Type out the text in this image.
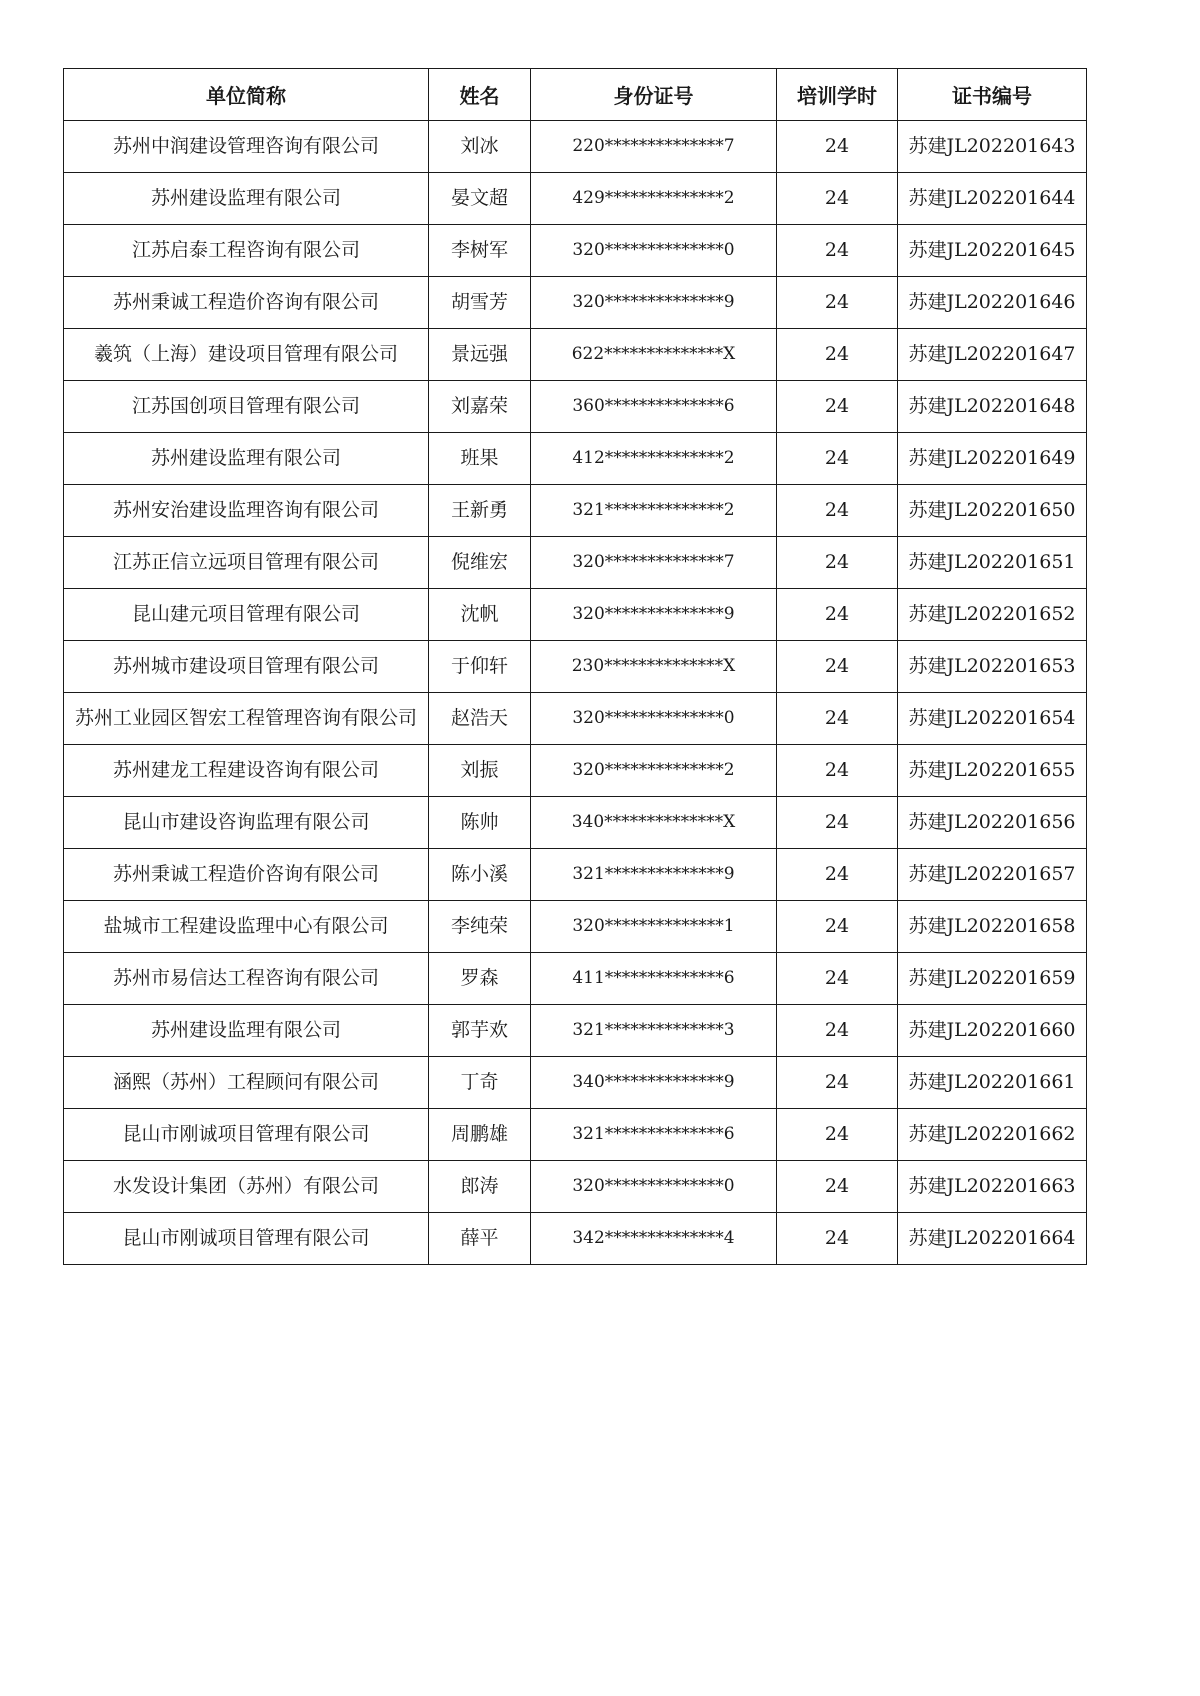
单位简称	姓名	身份证号	培训学时	证书编号
苏州中润建设管理咨询有限公司	刘冰	220**************7	24	苏建JL202201643
苏州建设监理有限公司	晏文超	429**************2	24	苏建JL202201644
江苏启泰工程咨询有限公司	李树军	320**************0	24	苏建JL202201645
苏州秉诚工程造价咨询有限公司	胡雪芳	320**************9	24	苏建JL202201646
羲筑（上海）建设项目管理有限公司	景远强	622**************X	24	苏建JL202201647
江苏国创项目管理有限公司	刘嘉荣	360**************6	24	苏建JL202201648
苏州建设监理有限公司	班果	412**************2	24	苏建JL202201649
苏州安治建设监理咨询有限公司	王新勇	321**************2	24	苏建JL202201650
江苏正信立远项目管理有限公司	倪维宏	320**************7	24	苏建JL202201651
昆山建元项目管理有限公司	沈帆	320**************9	24	苏建JL202201652
苏州城市建设项目管理有限公司	于仰轩	230**************X	24	苏建JL202201653
苏州工业园区智宏工程管理咨询有限公司	赵浩天	320**************0	24	苏建JL202201654
苏州建龙工程建设咨询有限公司	刘振	320**************2	24	苏建JL202201655
昆山市建设咨询监理有限公司	陈帅	340**************X	24	苏建JL202201656
苏州秉诚工程造价咨询有限公司	陈小溪	321**************9	24	苏建JL202201657
盐城市工程建设监理中心有限公司	李纯荣	320**************1	24	苏建JL202201658
苏州市易信达工程咨询有限公司	罗森	411**************6	24	苏建JL202201659
苏州建设监理有限公司	郭芋欢	321**************3	24	苏建JL202201660
涵熙（苏州）工程顾问有限公司	丁奇	340**************9	24	苏建JL202201661
昆山市刚诚项目管理有限公司	周鹏雄	321**************6	24	苏建JL202201662
水发设计集团（苏州）有限公司	郎涛	320**************0	24	苏建JL202201663
昆山市刚诚项目管理有限公司	薛平	342**************4	24	苏建JL202201664
